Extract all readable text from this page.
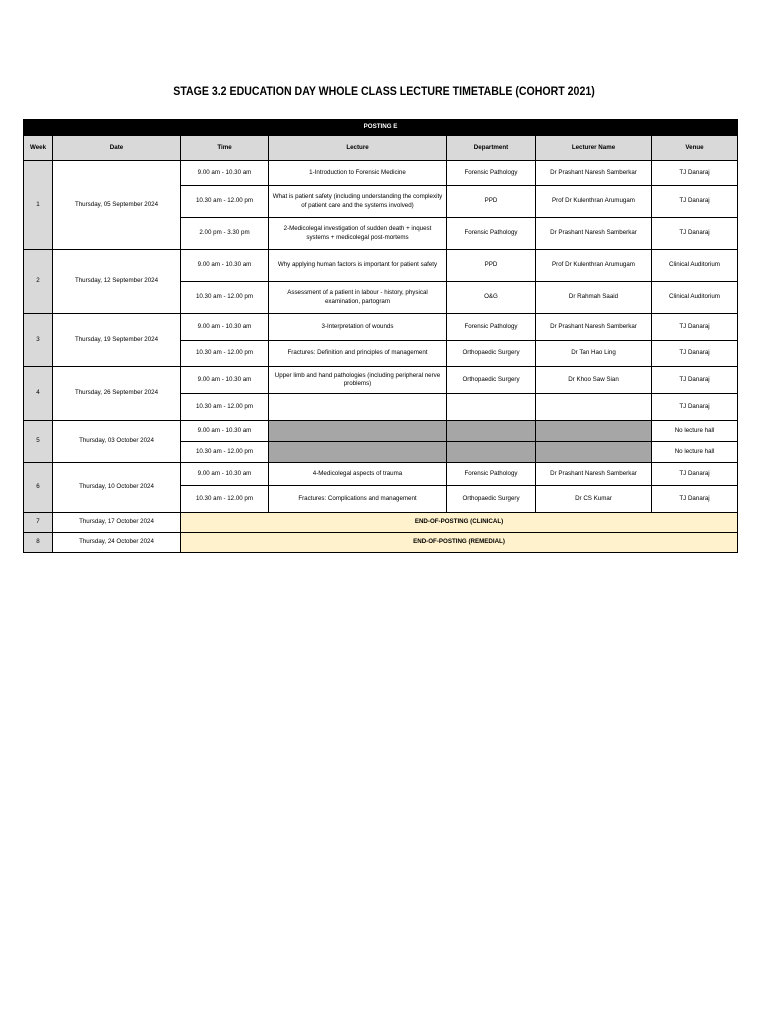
STAGE 3.2 EDUCATION DAY WHOLE CLASS LECTURE TIMETABLE (COHORT 2021)
POSTING E						
Week	Date	Time	Lecture	Department	Lecturer Name	Venue
1	Thursday, 05 September 2024	9.00 am - 10.30 am	1-Introduction to Forensic Medicine	Forensic Pathology	Dr Prashant Naresh Samberkar	TJ Danaraj
		10.30 am - 12.00 pm	What is patient safety (including understanding the complexity of patient care and the systems involved)	PPD	Prof Dr Kulenthran Arumugam	TJ Danaraj
		2.00 pm - 3.30 pm	2-Medicolegal investigation of sudden death + inquest systems + medicolegal post-mortems	Forensic Pathology	Dr Prashant Naresh Samberkar	TJ Danaraj
2	Thursday, 12 September 2024	9.00 am - 10.30 am	Why applying human factors is important for patient safety	PPD	Prof Dr Kulenthran Arumugam	Clinical Auditorium
		10.30 am - 12.00 pm	Assessment of a patient in labour - history, physical examination, partogram	O&G	Dr Rahmah Saaid	Clinical Auditorium
3	Thursday, 19 September 2024	9.00 am - 10.30 am	3-Interpretation of wounds	Forensic Pathology	Dr Prashant Naresh Samberkar	TJ Danaraj
		10.30 am - 12.00 pm	Fractures: Definition and principles of management	Orthopaedic Surgery	Dr Tan Hao Ling	TJ Danaraj
4	Thursday, 26 September 2024	9.00 am - 10.30 am	Upper limb and hand pathologies (including peripheral nerve problems)	Orthopaedic Surgery	Dr Khoo Saw Sian	TJ Danaraj
		10.30 am - 12.00 pm				TJ Danaraj
5	Thursday, 03 October 2024	9.00 am - 10.30 am				No lecture hall
		10.30 am - 12.00 pm				No lecture hall
6	Thursday, 10 October 2024	9.00 am - 10.30 am	4-Medicolegal aspects of trauma	Forensic Pathology	Dr Prashant Naresh Samberkar	TJ Danaraj
		10.30 am - 12.00 pm	Fractures: Complications and management	Orthopaedic Surgery	Dr CS Kumar	TJ Danaraj
7	Thursday, 17 October 2024	END-OF-POSTING (CLINICAL)				
8	Thursday, 24 October 2024	END-OF-POSTING (REMEDIAL)				
